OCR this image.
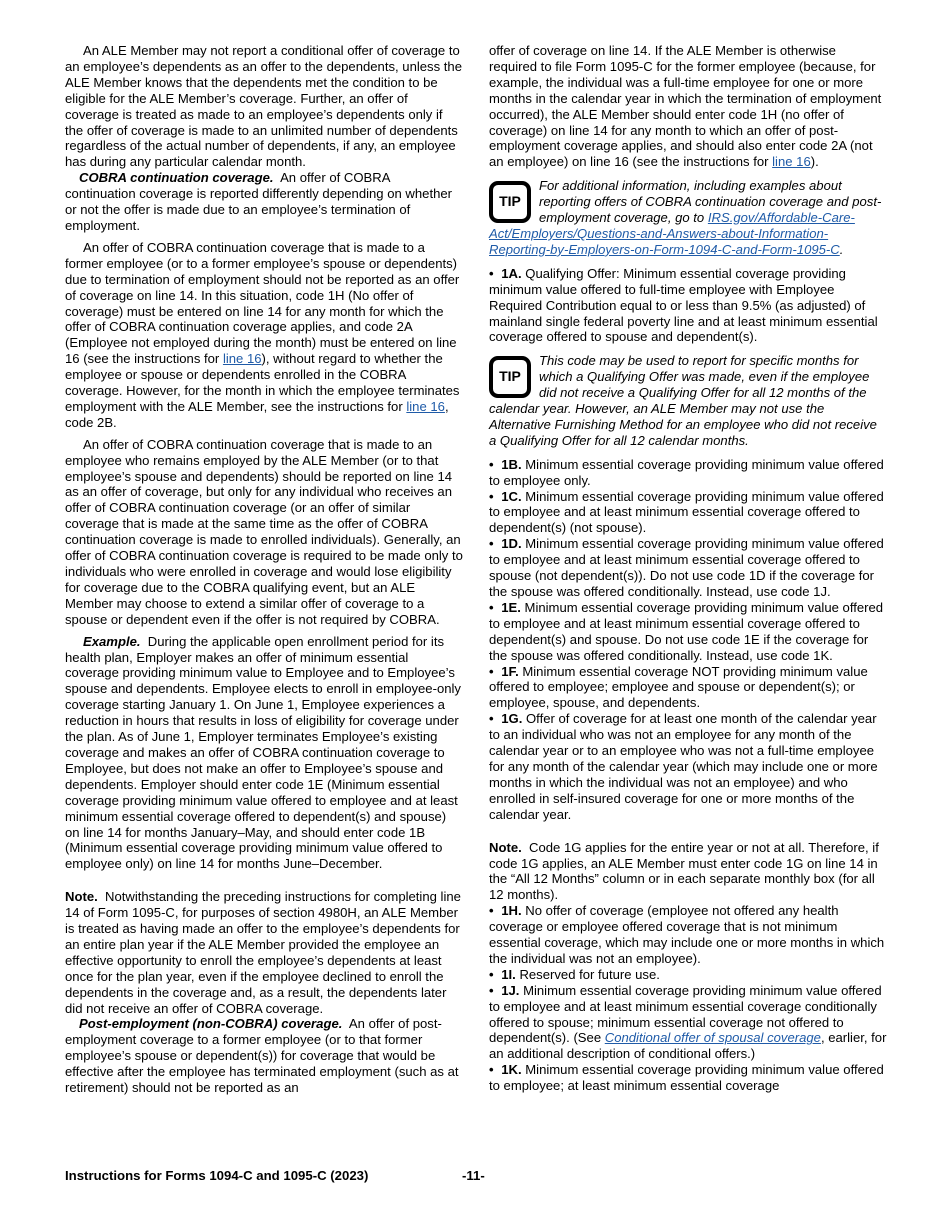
An ALE Member may not report a conditional offer of coverage to an employee’s dependents as an offer to the dependents, unless the ALE Member knows that the dependents met the condition to be eligible for the ALE Member’s coverage. Further, an offer of coverage is treated as made to an employee’s dependents only if the offer of coverage is made to an unlimited number of dependents regardless of the actual number of dependents, if any, an employee has during any particular calendar month.

COBRA continuation coverage. An offer of COBRA continuation coverage is reported differently depending on whether or not the offer is made due to an employee’s termination of employment.

An offer of COBRA continuation coverage that is made to a former employee (or to a former employee’s spouse or dependents) due to termination of employment should not be reported as an offer of coverage on line 14. In this situation, code 1H (No offer of coverage) must be entered on line 14 for any month for which the offer of COBRA continuation coverage applies, and code 2A (Employee not employed during the month) must be entered on line 16 (see the instructions for line 16), without regard to whether the employee or spouse or dependents enrolled in the COBRA coverage. However, for the month in which the employee terminates employment with the ALE Member, see the instructions for line 16, code 2B.

An offer of COBRA continuation coverage that is made to an employee who remains employed by the ALE Member (or to that employee’s spouse and dependents) should be reported on line 14 as an offer of coverage, but only for any individual who receives an offer of COBRA continuation coverage (or an offer of similar coverage that is made at the same time as the offer of COBRA continuation coverage is made to enrolled individuals). Generally, an offer of COBRA continuation coverage is required to be made only to individuals who were enrolled in coverage and would lose eligibility for coverage due to the COBRA qualifying event, but an ALE Member may choose to extend a similar offer of coverage to a spouse or dependent even if the offer is not required by COBRA.

Example. During the applicable open enrollment period for its health plan, Employer makes an offer of minimum essential coverage providing minimum value to Employee and to Employee’s spouse and dependents. Employee elects to enroll in employee-only coverage starting January 1. On June 1, Employee experiences a reduction in hours that results in loss of eligibility for coverage under the plan. As of June 1, Employer terminates Employee’s existing coverage and makes an offer of COBRA continuation coverage to Employee, but does not make an offer to Employee’s spouse and dependents. Employer should enter code 1E (Minimum essential coverage providing minimum value offered to employee and at least minimum essential coverage offered to dependent(s) and spouse) on line 14 for months January–May, and should enter code 1B (Minimum essential coverage providing minimum value offered to employee only) on line 14 for months June–December.

Note. Notwithstanding the preceding instructions for completing line 14 of Form 1095-C, for purposes of section 4980H, an ALE Member is treated as having made an offer to the employee’s dependents for an entire plan year if the ALE Member provided the employee an effective opportunity to enroll the employee’s dependents at least once for the plan year, even if the employee declined to enroll the dependents in the coverage and, as a result, the dependents later did not receive an offer of COBRA coverage.

Post-employment (non-COBRA) coverage. An offer of post-employment coverage to a former employee (or to that former employee’s spouse or dependent(s)) for coverage that would be effective after the employee has terminated employment (such as at retirement) should not be reported as an

offer of coverage on line 14. If the ALE Member is otherwise required to file Form 1095-C for the former employee (because, for example, the individual was a full-time employee for one or more months in the calendar year in which the termination of employment occurred), the ALE Member should enter code 1H (no offer of coverage) on line 14 for any month to which an offer of post-employment coverage applies, and should also enter code 2A (not an employee) on line 16 (see the instructions for line 16).

TIP
For additional information, including examples about reporting offers of COBRA continuation coverage and post-employment coverage, go to IRS.gov/Affordable-Care-Act/Employers/Questions-and-Answers-about-Information-Reporting-by-Employers-on-Form-1094-C-and-Form-1095-C.

• 1A. Qualifying Offer: Minimum essential coverage providing minimum value offered to full-time employee with Employee Required Contribution equal to or less than 9.5% (as adjusted) of mainland single federal poverty line and at least minimum essential coverage offered to spouse and dependent(s).

TIP
This code may be used to report for specific months for which a Qualifying Offer was made, even if the employee did not receive a Qualifying Offer for all 12 months of the calendar year. However, an ALE Member may not use the Alternative Furnishing Method for an employee who did not receive a Qualifying Offer for all 12 calendar months.

• 1B. Minimum essential coverage providing minimum value offered to employee only.

• 1C. Minimum essential coverage providing minimum value offered to employee and at least minimum essential coverage offered to dependent(s) (not spouse).

• 1D. Minimum essential coverage providing minimum value offered to employee and at least minimum essential coverage offered to spouse (not dependent(s)). Do not use code 1D if the coverage for the spouse was offered conditionally. Instead, use code 1J.

• 1E. Minimum essential coverage providing minimum value offered to employee and at least minimum essential coverage offered to dependent(s) and spouse. Do not use code 1E if the coverage for the spouse was offered conditionally. Instead, use code 1K.

• 1F. Minimum essential coverage NOT providing minimum value offered to employee; employee and spouse or dependent(s); or employee, spouse, and dependents.

• 1G. Offer of coverage for at least one month of the calendar year to an individual who was not an employee for any month of the calendar year or to an employee who was not a full-time employee for any month of the calendar year (which may include one or more months in which the individual was not an employee) and who enrolled in self-insured coverage for one or more months of the calendar year.

Note. Code 1G applies for the entire year or not at all. Therefore, if code 1G applies, an ALE Member must enter code 1G on line 14 in the “All 12 Months” column or in each separate monthly box (for all 12 months).

• 1H. No offer of coverage (employee not offered any health coverage or employee offered coverage that is not minimum essential coverage, which may include one or more months in which the individual was not an employee).

• 1I. Reserved for future use.

• 1J. Minimum essential coverage providing minimum value offered to employee and at least minimum essential coverage conditionally offered to spouse; minimum essential coverage not offered to dependent(s). (See Conditional offer of spousal coverage, earlier, for an additional description of conditional offers.)

• 1K. Minimum essential coverage providing minimum value offered to employee; at least minimum essential coverage

Instructions for Forms 1094-C and 1095-C (2023)	-11-
